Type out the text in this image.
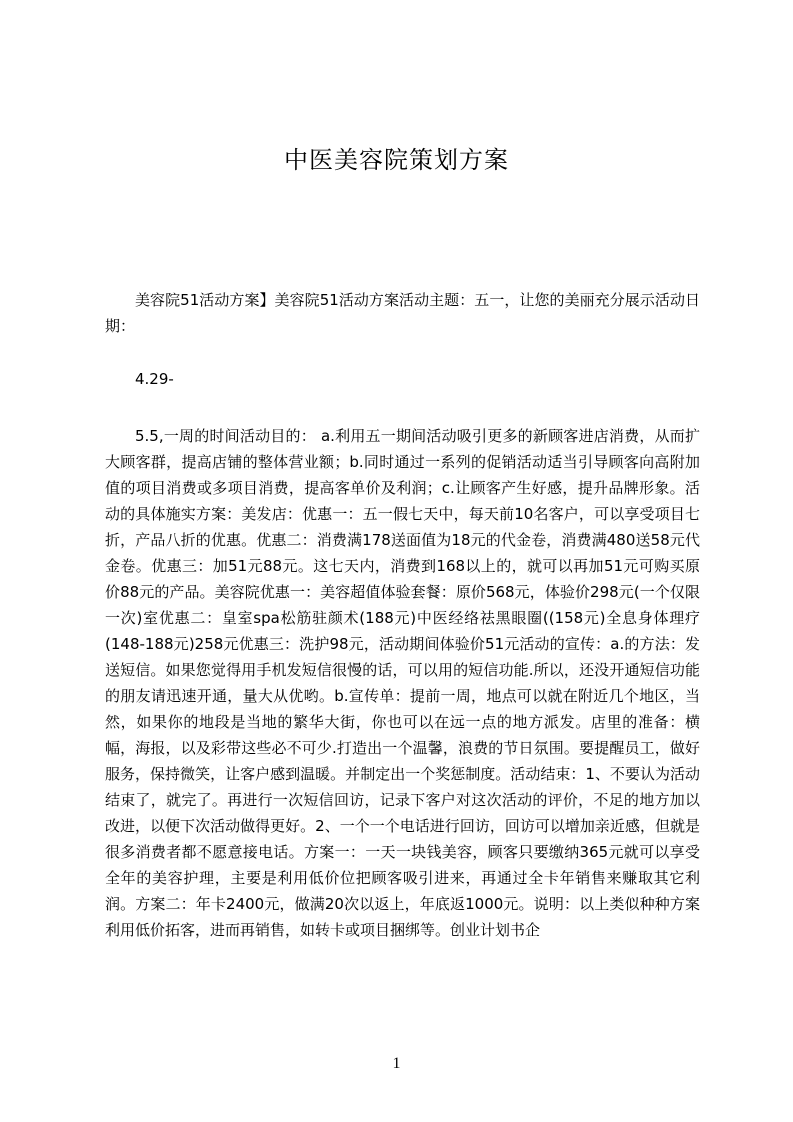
中医美容院策划方案

美容院51活动方案】美容院51活动方案活动主题：五一，让您的美丽充分展示活动日期：

4.29-

5.5,一周的时间活动目的： a.利用五一期间活动吸引更多的新顾客进店消费，从而扩大顾客群，提高店铺的整体营业额；b.同时通过一系列的促销活动适当引导顾客向高附加值的项目消费或多项目消费，提高客单价及利润；c.让顾客产生好感，提升品牌形象。活动的具体施实方案：美发店：优惠一：五一假七天中，每天前10名客户，可以享受项目七折，产品八折的优惠。优惠二：消费满178送面值为18元的代金卷，消费满480送58元代金卷。优惠三：加51元88元。这七天内，消费到168以上的，就可以再加51元可购买原价88元的产品。美容院优惠一：美容超值体验套餐：原价568元，体验价298元(一个仅限一次)室优惠二：皇室spa松筋驻颜术(188元)中医经络祛黑眼圈((158元)全息身体理疗(148-188元)258元优惠三：洗护98元，活动期间体验价51元活动的宣传：a.的方法：发送短信。如果您觉得用手机发短信很慢的话，可以用的短信功能.所以，还没开通短信功能的朋友请迅速开通，量大从优哟。b.宣传单：提前一周，地点可以就在附近几个地区，当然，如果你的地段是当地的繁华大街，你也可以在远一点的地方派发。店里的准备：横幅，海报，以及彩带这些必不可少.打造出一个温馨，浪费的节日氛围。要提醒员工，做好服务，保持微笑，让客户感到温暖。并制定出一个奖惩制度。活动结束：1、不要认为活动结束了，就完了。再进行一次短信回访，记录下客户对这次活动的评价，不足的地方加以改进，以便下次活动做得更好。2、一个一个电话进行回访，回访可以增加亲近感，但就是很多消费者都不愿意接电话。方案一：一天一块钱美容，顾客只要缴纳365元就可以享受全年的美容护理，主要是利用低价位把顾客吸引进来，再通过全卡年销售来赚取其它利润。方案二：年卡2400元，做满20次以返上，年底返1000元。说明：以上类似种种方案利用低价拓客，进而再销售，如转卡或项目捆绑等。创业计划书企

1
